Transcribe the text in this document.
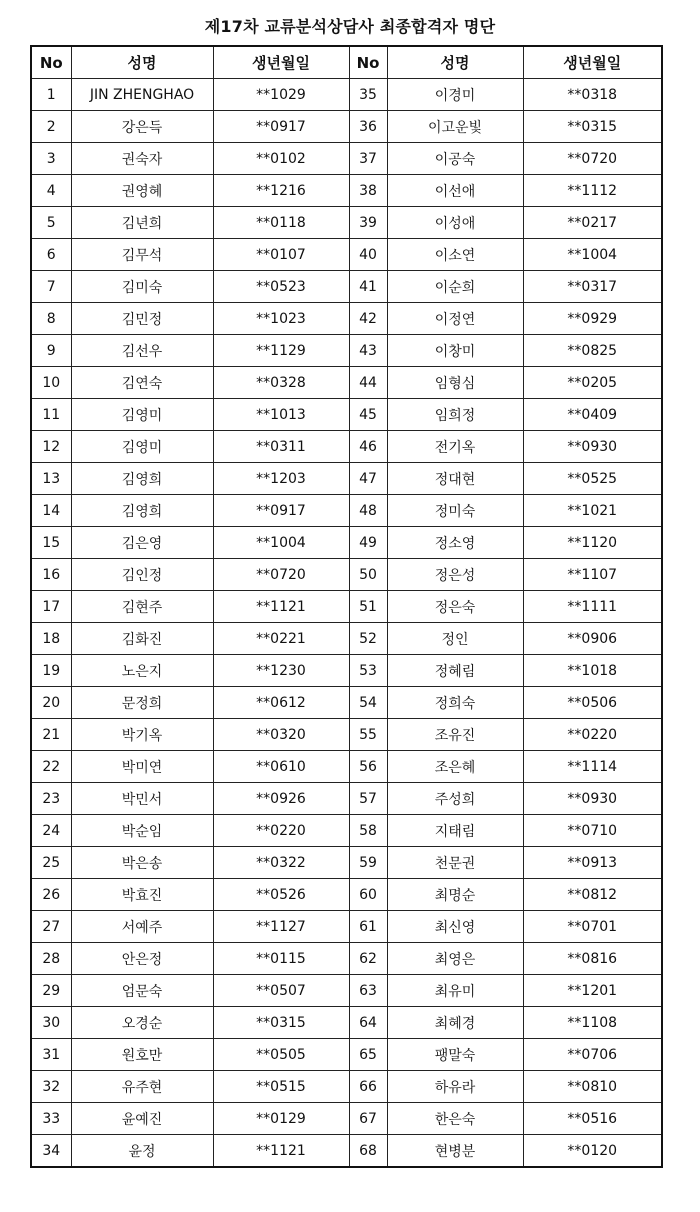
제17차 교류분석상담사 최종합격자 명단
No	성명	생년월일	No	성명	생년월일
1	JIN ZHENGHAO	**1029	35	이경미	**0318
2	강은득	**0917	36	이고운빛	**0315
3	권숙자	**0102	37	이공숙	**0720
4	권영혜	**1216	38	이선애	**1112
5	김년희	**0118	39	이성애	**0217
6	김무석	**0107	40	이소연	**1004
7	김미숙	**0523	41	이순희	**0317
8	김민정	**1023	42	이정연	**0929
9	김선우	**1129	43	이창미	**0825
10	김연숙	**0328	44	임형심	**0205
11	김영미	**1013	45	임희정	**0409
12	김영미	**0311	46	전기옥	**0930
13	김영희	**1203	47	정대현	**0525
14	김영희	**0917	48	정미숙	**1021
15	김은영	**1004	49	정소영	**1120
16	김인정	**0720	50	정은성	**1107
17	김현주	**1121	51	정은숙	**1111
18	김화진	**0221	52	정인	**0906
19	노은지	**1230	53	정혜림	**1018
20	문정희	**0612	54	정희숙	**0506
21	박기옥	**0320	55	조유진	**0220
22	박미연	**0610	56	조은혜	**1114
23	박민서	**0926	57	주성희	**0930
24	박순임	**0220	58	지태림	**0710
25	박은송	**0322	59	천문권	**0913
26	박효진	**0526	60	최명순	**0812
27	서예주	**1127	61	최신영	**0701
28	안은정	**0115	62	최영은	**0816
29	엄문숙	**0507	63	최유미	**1201
30	오경순	**0315	64	최혜경	**1108
31	원호만	**0505	65	팽말숙	**0706
32	유주현	**0515	66	하유라	**0810
33	윤예진	**0129	67	한은숙	**0516
34	윤정	**1121	68	현병분	**0120
